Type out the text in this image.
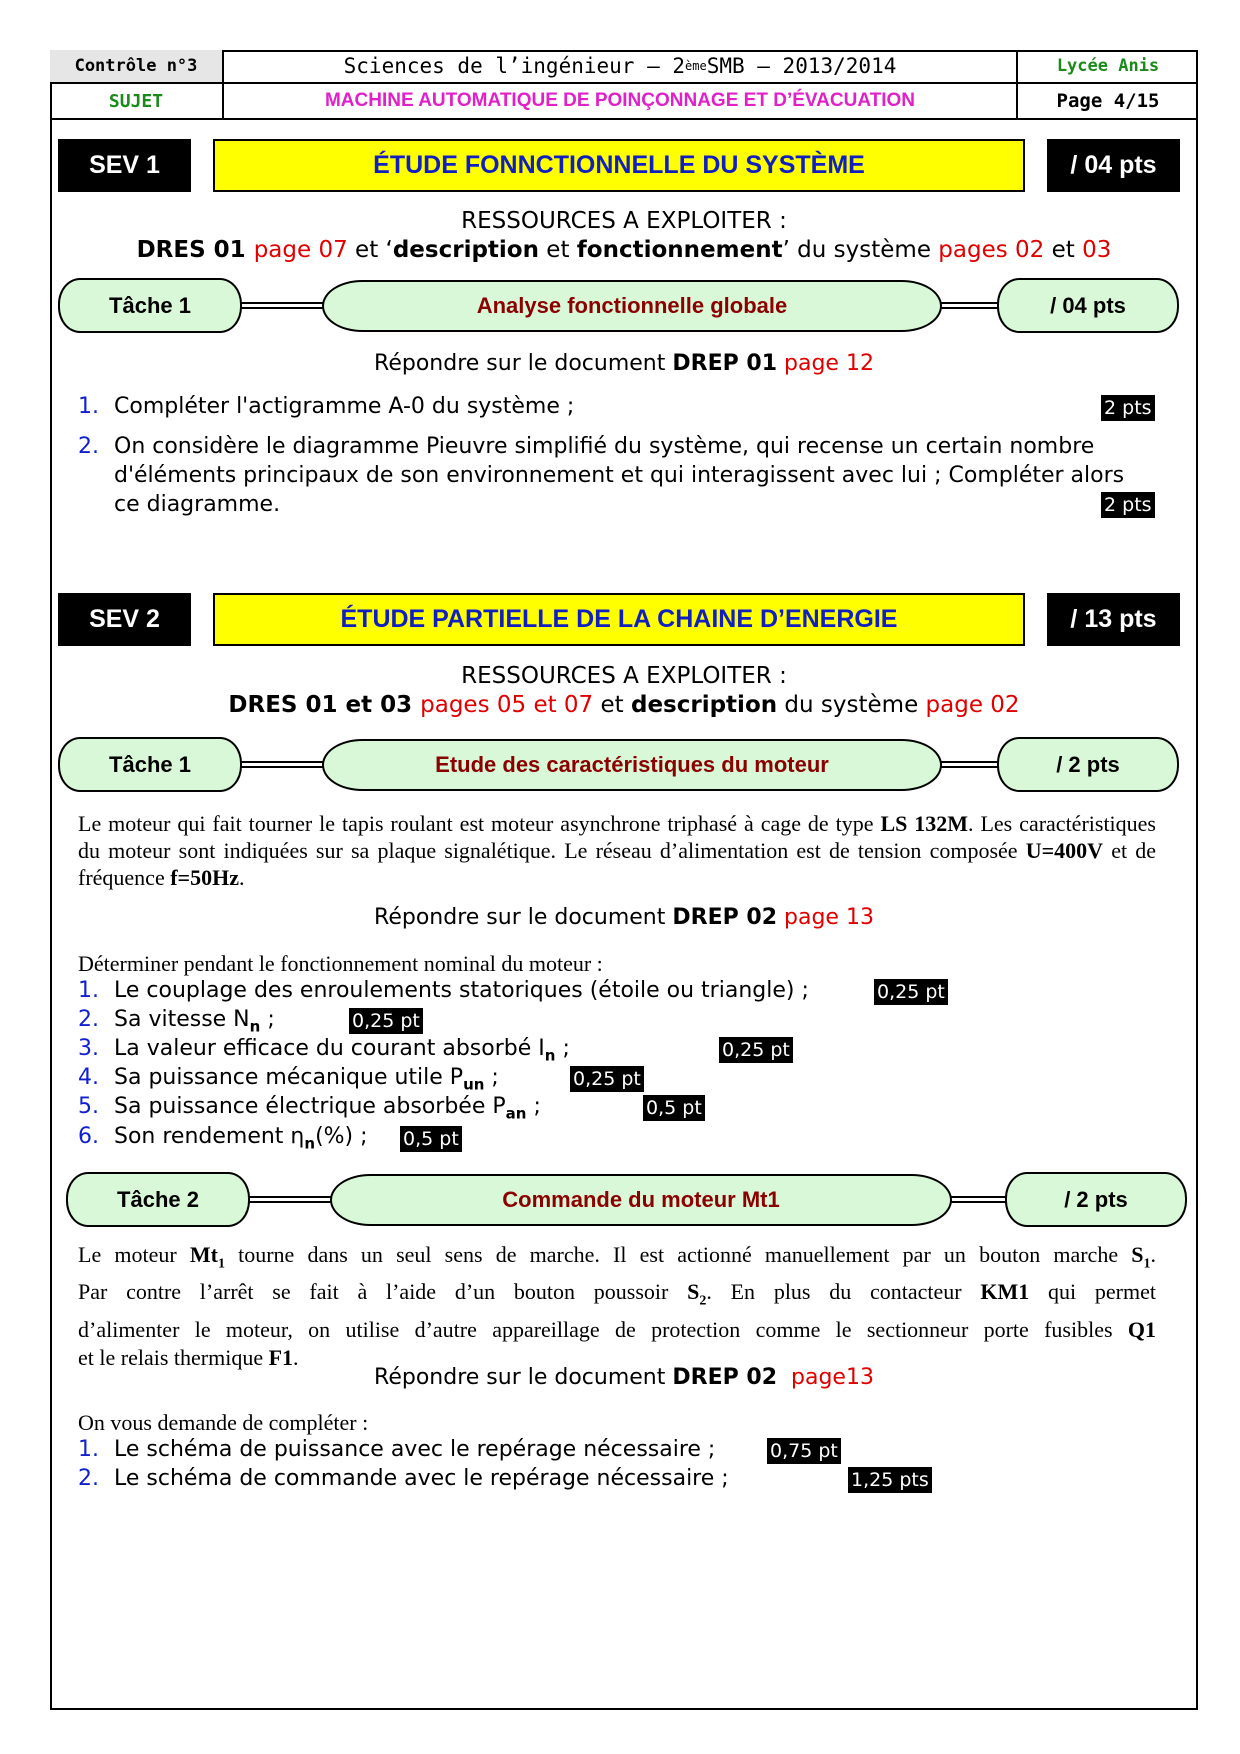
Contrôle n°3	Sciences de l’ingénieur – 2 ème SMB – 2013/2014	Lycée Anis
SUJET	MACHINE AUTOMATIQUE DE POINÇONNAGE ET D’ÉVACUATION	Page 4/15
SEV 1	ÉTUDE FONNCTIONNELLE DU SYSTÈME	/ 04 pts
RESSOURCES A EXPLOITER :
DRES 01 page 07 et ‘description et fonctionnement’ du système pages 02 et 03
Tâche 1	Analyse fonctionnelle globale	/ 04 pts
Répondre sur le document DREP 01 page 12
1. Compléter l'actigramme A-0 du système ;	2 pts
2. On considère le diagramme Pieuvre simplifié du système, qui recense un certain nombre
d'éléments principaux de son environnement et qui interagissent avec lui ; Compléter alors
ce diagramme.	2 pts
SEV 2	ÉTUDE PARTIELLE DE LA CHAINE D’ENERGIE	/ 13 pts
RESSOURCES A EXPLOITER :
DRES 01 et 03 pages 05 et 07 et description du système page 02
Tâche 1	Etude des caractéristiques du moteur	/ 2 pts
Le moteur qui fait tourner le tapis roulant est moteur asynchrone triphasé à cage de type LS 132M. Les caractéristiques du moteur sont indiquées sur sa plaque signalétique. Le réseau d’alimentation est de tension composée U=400V et de fréquence f=50Hz.
Répondre sur le document DREP 02 page 13
Déterminer pendant le fonctionnement nominal du moteur :
1. Le couplage des enroulements statoriques (étoile ou triangle) ;	0,25 pt
2. Sa vitesse $N_n$ ;	0,25 pt
3. La valeur efficace du courant absorbé $I_n$ ;	0,25 pt
4. Sa puissance mécanique utile $P_{un}$ ;	0,25 pt
5. Sa puissance électrique absorbée $P_{an}$ ;	0,5 pt
6. Son rendement $\eta_n(\%)$ ; 0,5 pt
Tâche 2	Commande du moteur Mt1	/ 2 pts
Le moteur $Mt_1$ tourne dans un seul sens de marche. Il est actionné manuellement par un bouton marche $S_1$.
Par contre l’arrêt se fait à l’aide d’un bouton poussoir $S_2$. En plus du contacteur KM1 qui permet
d’alimenter le moteur, on utilise d’autre appareillage de protection comme le sectionneur porte fusibles Q1
et le relais thermique F1.
Répondre sur le document DREP 02  page13
On vous demande de compléter :
1. Le schéma de puissance avec le repérage nécessaire ;	0,75 pt
2. Le schéma de commande avec le repérage nécessaire ;	1,25 pts
